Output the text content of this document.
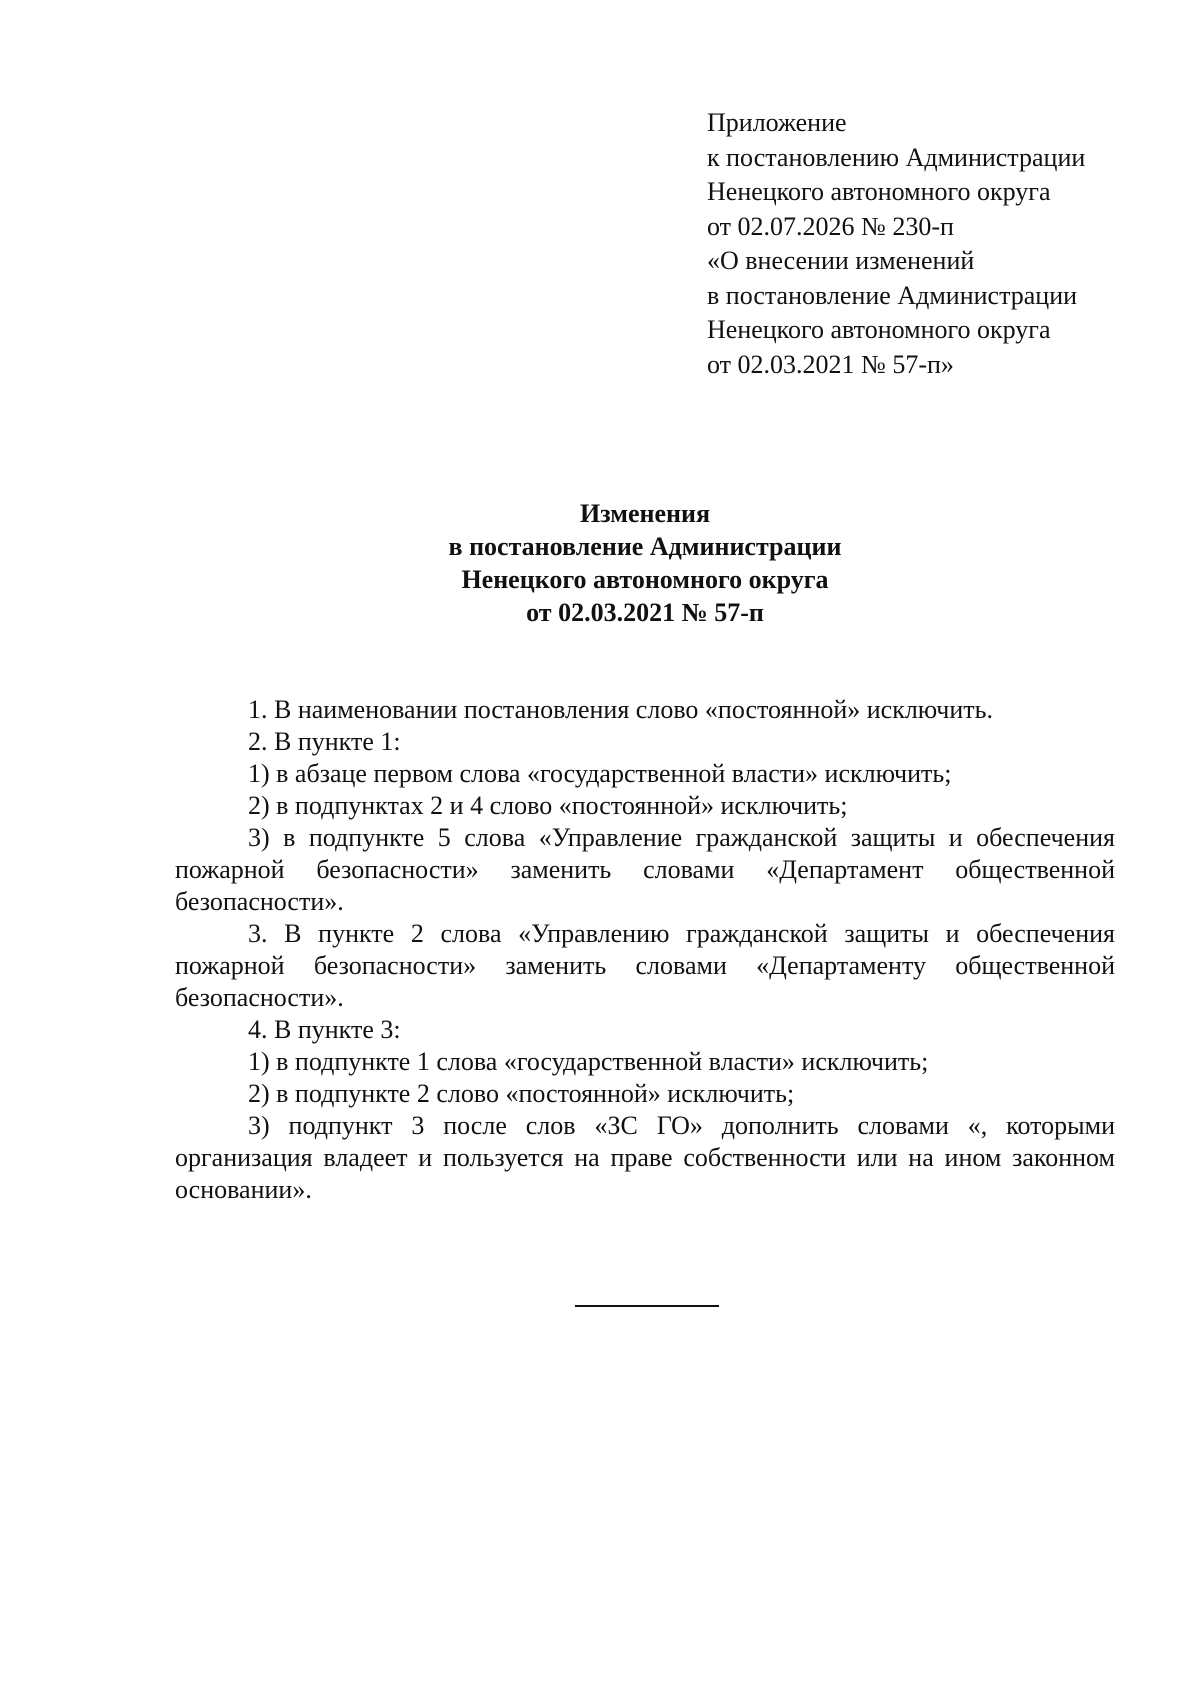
Приложение
к постановлению Администрации
Ненецкого автономного округа
от 02.07.2026 № 230-п
«О внесении изменений
в постановление Администрации
Ненецкого автономного округа
от 02.03.2021 № 57-п»
Изменения
в постановление Администрации
Ненецкого автономного округа
от 02.03.2021 № 57-п

1. В наименовании постановления слово «постоянной» исключить.

2. В пункте 1:

1) в абзаце первом слова «государственной власти» исключить;

2) в подпунктах 2 и 4 слово «постоянной» исключить;

3) в подпункте 5 слова «Управление гражданской защиты и обеспечения пожарной безопасности» заменить словами «Департамент общественной безопасности».

3. В пункте 2 слова «Управлению гражданской защиты и обеспечения пожарной безопасности» заменить словами «Департаменту общественной безопасности».

4. В пункте 3:

1) в подпункте 1 слова «государственной власти» исключить;

2) в подпункте 2 слово «постоянной» исключить;

3) подпункт 3 после слов «ЗС ГО» дополнить словами «, которыми организация владеет и пользуется на праве собственности или на ином законном основании».
